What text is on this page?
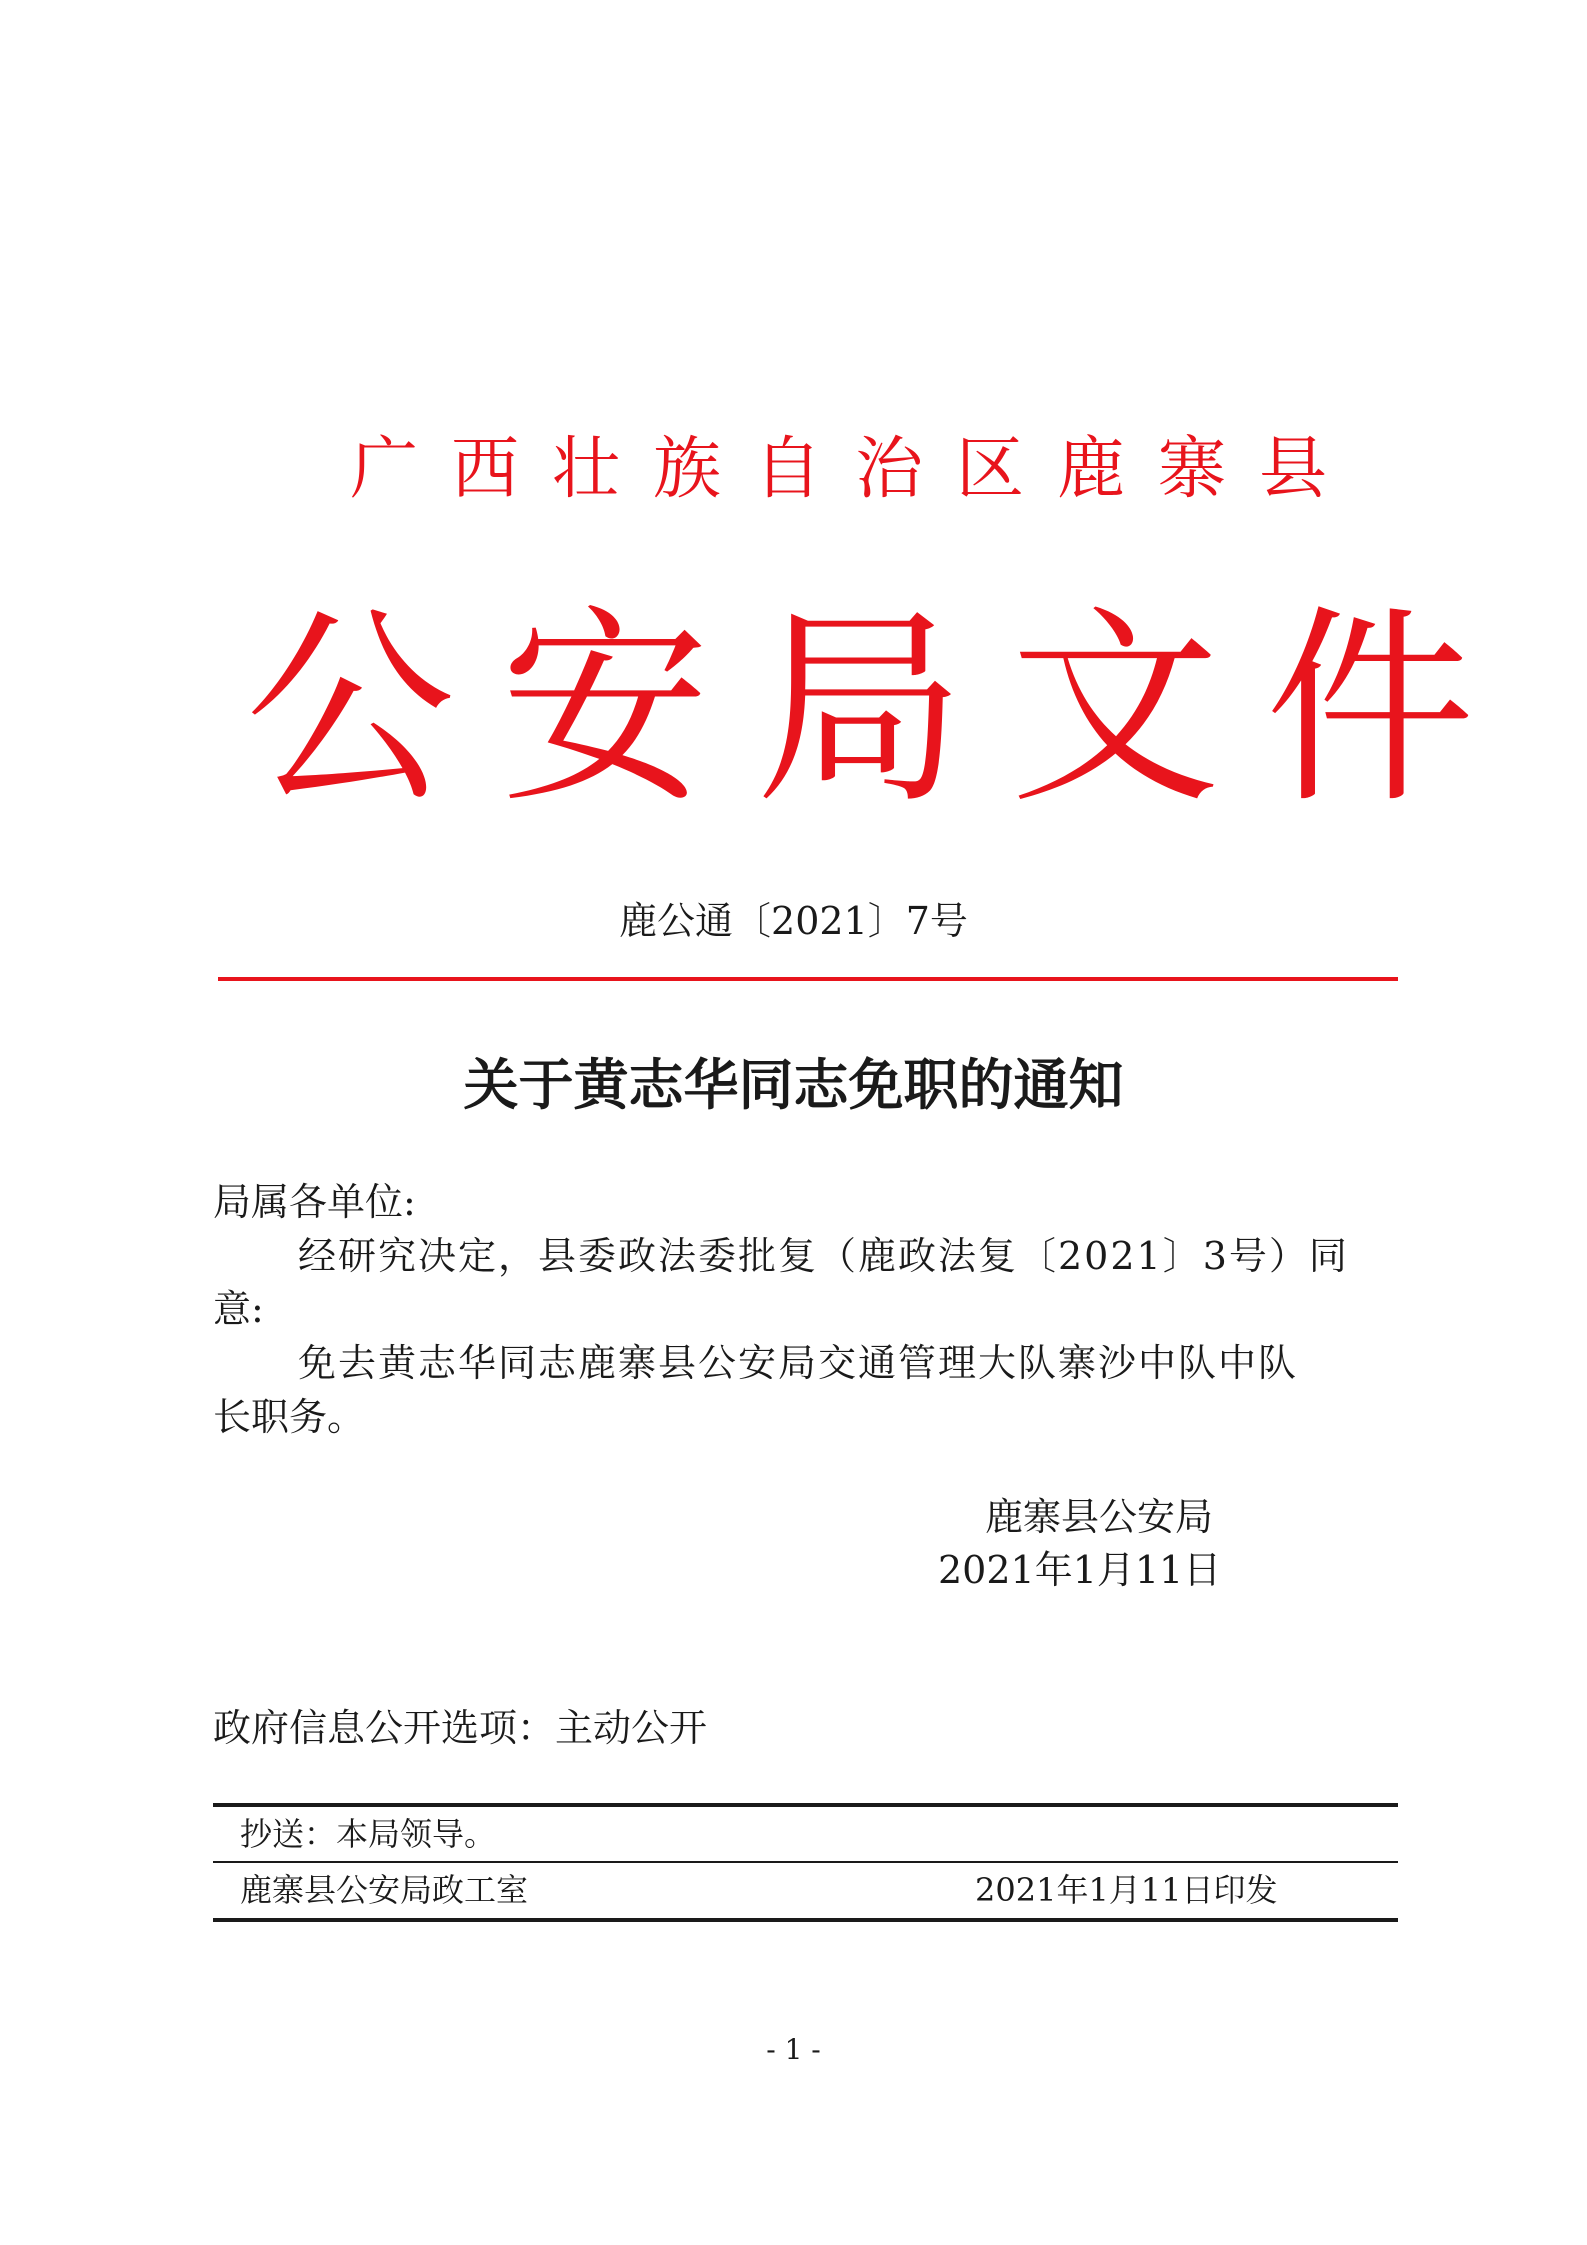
广西壮族自治区鹿寨县
公安局文件
鹿公通〔2021〕7号
关于黄志华同志免职的通知
局属各单位:
经研究决定，县委政法委批复（鹿政法复〔2021〕3号）同
意:
免去黄志华同志鹿寨县公安局交通管理大队寨沙中队中队
长职务。
鹿寨县公安局
2021年1月11日
政府信息公开选项：主动公开
抄送：本局领导。
鹿寨县公安局政工室	2021年1月11日印发
- 1 -
